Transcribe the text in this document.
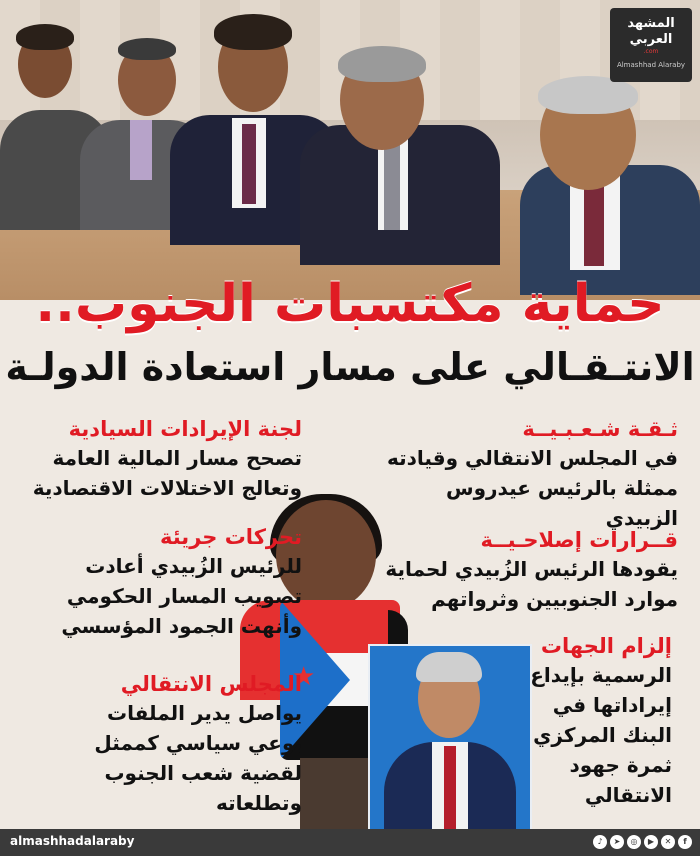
المشهد
العربي
.com
Almashhad Alaraby
حماية مكتسبات الجنوب..
الانتـقـالي على مسار استعادة الدولـة
★
ثـقـة شـعـبـيــة
في المجلس الانتقالي وقيادته
ممثلة بالرئيس عيدروس الزبيدي
قــرارات إصلاحـيــة
يقودها الرئيس الزُبيدي لحماية
موارد الجنوبيين وثرواتهم
إلزام الجهات
الرسمية بإيداع
إيراداتها في
البنك المركزي
ثمرة جهود
الانتقالي
لجنة الإيرادات السيادية
تصحح مسار المالية العامة
وتعالج الاختلالات الاقتصادية
تحركات جريئة
للرئيس الزُبيدي أعادت
تصويب المسار الحكومي
وأنهت الجمود المؤسسي
المجلس الانتقالي
يواصل يدير الملفات
بوعي سياسي كممثل
لقضية شعب الجنوب
وتطلعاته
almashhadalaraby	♪	➤	◎	▶	✕	f
